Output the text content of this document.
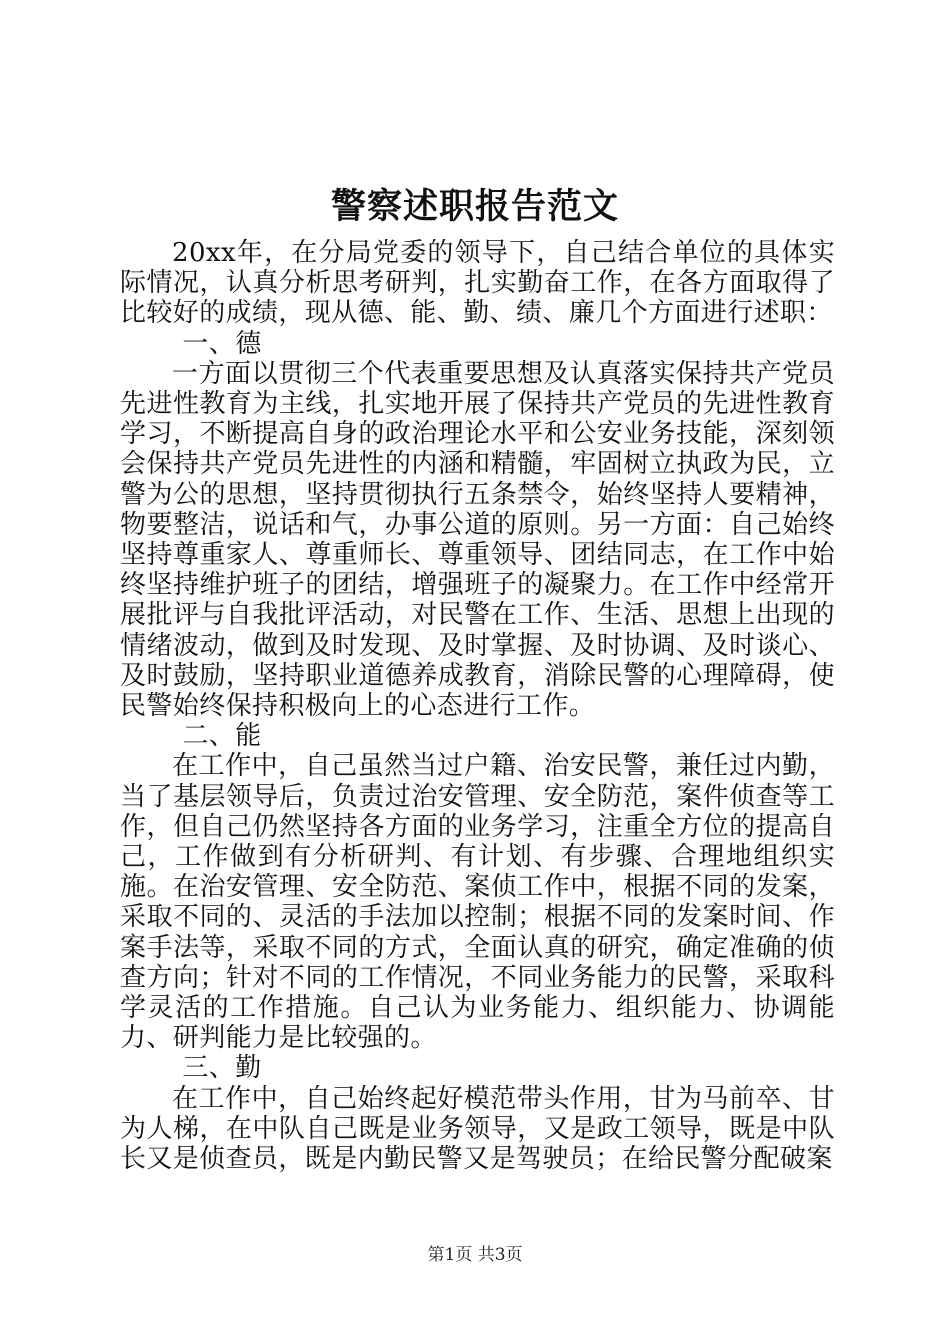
警察述职报告范文

20xx年，在分局党委的领导下，自己结合单位的具体实际情况，认真分析思考研判，扎实勤奋工作，在各方面取得了比较好的成绩，现从德、能、勤、绩、廉几个方面进行述职：

一、德

一方面以贯彻三个代表重要思想及认真落实保持共产党员先进性教育为主线，扎实地开展了保持共产党员的先进性教育学习，不断提高自身的政治理论水平和公安业务技能，深刻领会保持共产党员先进性的内涵和精髓，牢固树立执政为民，立警为公的思想，坚持贯彻执行五条禁令，始终坚持人要精神，物要整洁，说话和气，办事公道的原则。另一方面：自己始终坚持尊重家人、尊重师长、尊重领导、团结同志，在工作中始终坚持维护班子的团结，增强班子的凝聚力。在工作中经常开展批评与自我批评活动，对民警在工作、生活、思想上出现的情绪波动，做到及时发现、及时掌握、及时协调、及时谈心、及时鼓励，坚持职业道德养成教育，消除民警的心理障碍，使民警始终保持积极向上的心态进行工作。

二、能

在工作中，自己虽然当过户籍、治安民警，兼任过内勤，当了基层领导后，负责过治安管理、安全防范，案件侦查等工作，但自己仍然坚持各方面的业务学习，注重全方位的提高自己，工作做到有分析研判、有计划、有步骤、合理地组织实施。在治安管理、安全防范、案侦工作中，根据不同的发案，采取不同的、灵活的手法加以控制；根据不同的发案时间、作案手法等，采取不同的方式，全面认真的研究，确定准确的侦查方向；针对不同的工作情况，不同业务能力的民警，采取科学灵活的工作措施。自己认为业务能力、组织能力、协调能力、研判能力是比较强的。

三、勤

在工作中，自己始终起好模范带头作用，甘为马前卒、甘为人梯，在中队自己既是业务领导，又是政工领导，既是中队长又是侦查员，既是内勤民警又是驾驶员；在给民警分配破案

第1页 共3页
